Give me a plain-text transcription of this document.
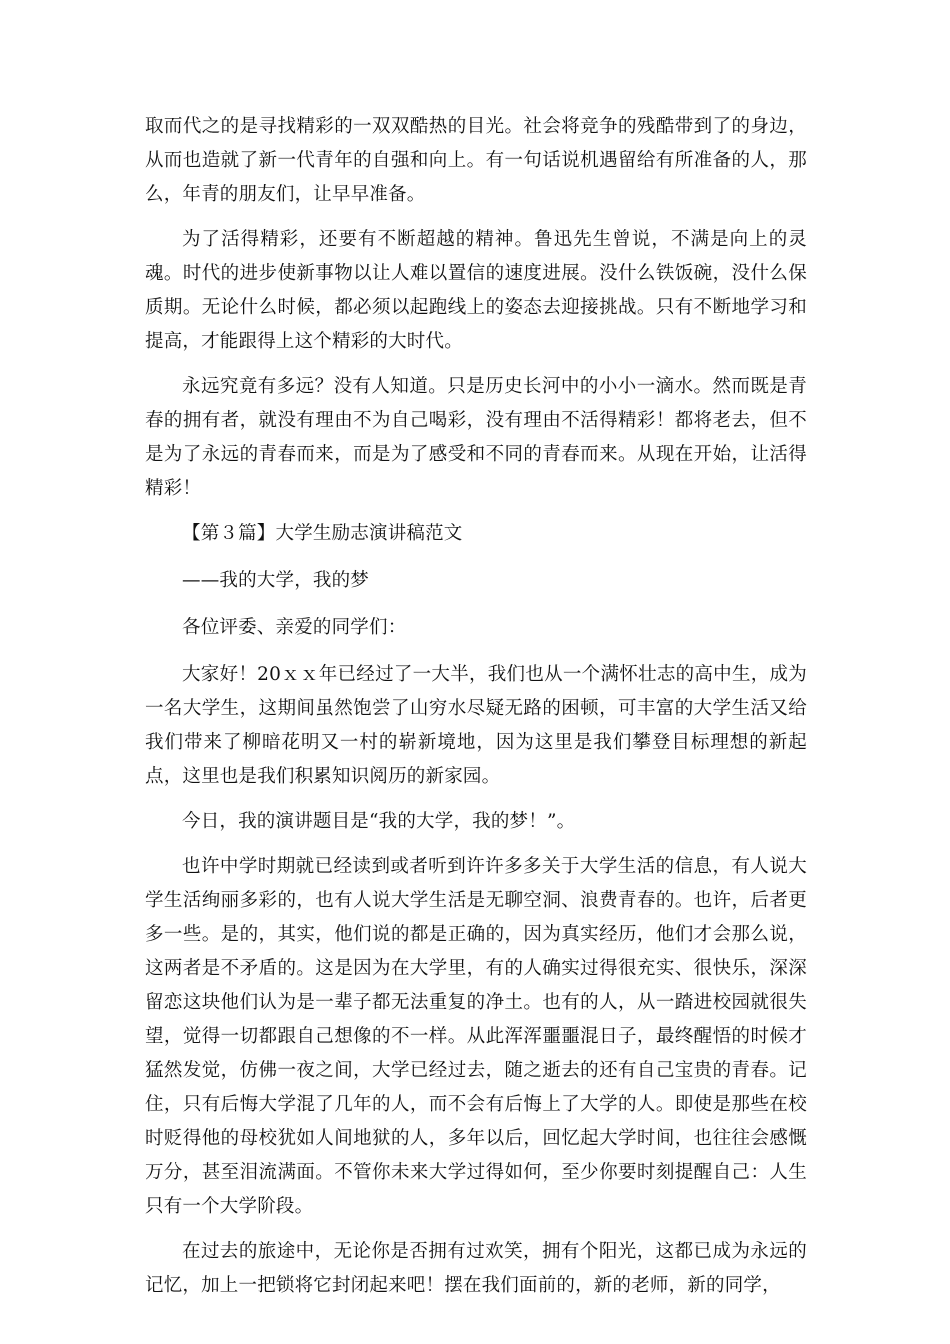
取而代之的是寻找精彩的一双双酷热的目光。社会将竞争的残酷带到了的身边，从而也造就了新一代青年的自强和向上。有一句话说机遇留给有所准备的人，那么，年青的朋友们，让早早准备。

为了活得精彩，还要有不断超越的精神。鲁迅先生曾说，不满是向上的灵魂。时代的进步使新事物以让人难以置信的速度进展。没什么铁饭碗，没什么保质期。无论什么时候，都必须以起跑线上的姿态去迎接挑战。只有不断地学习和提高，才能跟得上这个精彩的大时代。

永远究竟有多远？没有人知道。只是历史长河中的小小一滴水。然而既是青春的拥有者，就没有理由不为自己喝彩，没有理由不活得精彩！都将老去，但不是为了永远的青春而来，而是为了感受和不同的青春而来。从现在开始，让活得精彩！

【第３篇】大学生励志演讲稿范文
——我的大学，我的梦
各位评委、亲爱的同学们：

大家好！20ｘｘ年已经过了一大半，我们也从一个满怀壮志的高中生，成为一名大学生，这期间虽然饱尝了山穷水尽疑无路的困顿，可丰富的大学生活又给我们带来了柳暗花明又一村的崭新境地，因为这里是我们攀登目标理想的新起点，这里也是我们积累知识阅历的新家园。

今日，我的演讲题目是“我的大学，我的梦！”。

也许中学时期就已经读到或者听到许许多多关于大学生活的信息，有人说大学生活绚丽多彩的，也有人说大学生活是无聊空洞、浪费青春的。也许，后者更多一些。是的，其实，他们说的都是正确的，因为真实经历，他们才会那么说，这两者是不矛盾的。这是因为在大学里，有的人确实过得很充实、很快乐，深深留恋这块他们认为是一辈子都无法重复的净土。也有的人，从一踏进校园就很失望，觉得一切都跟自己想像的不一样。从此浑浑噩噩混日子，最终醒悟的时候才猛然发觉，仿佛一夜之间，大学已经过去，随之逝去的还有自己宝贵的青春。记住，只有后悔大学混了几年的人，而不会有后悔上了大学的人。即使是那些在校时贬得他的母校犹如人间地狱的人，多年以后，回忆起大学时间，也往往会感慨万分，甚至泪流满面。不管你未来大学过得如何，至少你要时刻提醒自己：人生只有一个大学阶段。

在过去的旅途中，无论你是否拥有过欢笑，拥有个阳光，这都已成为永远的记忆，加上一把锁将它封闭起来吧！摆在我们面前的，新的老师，新的同学，
